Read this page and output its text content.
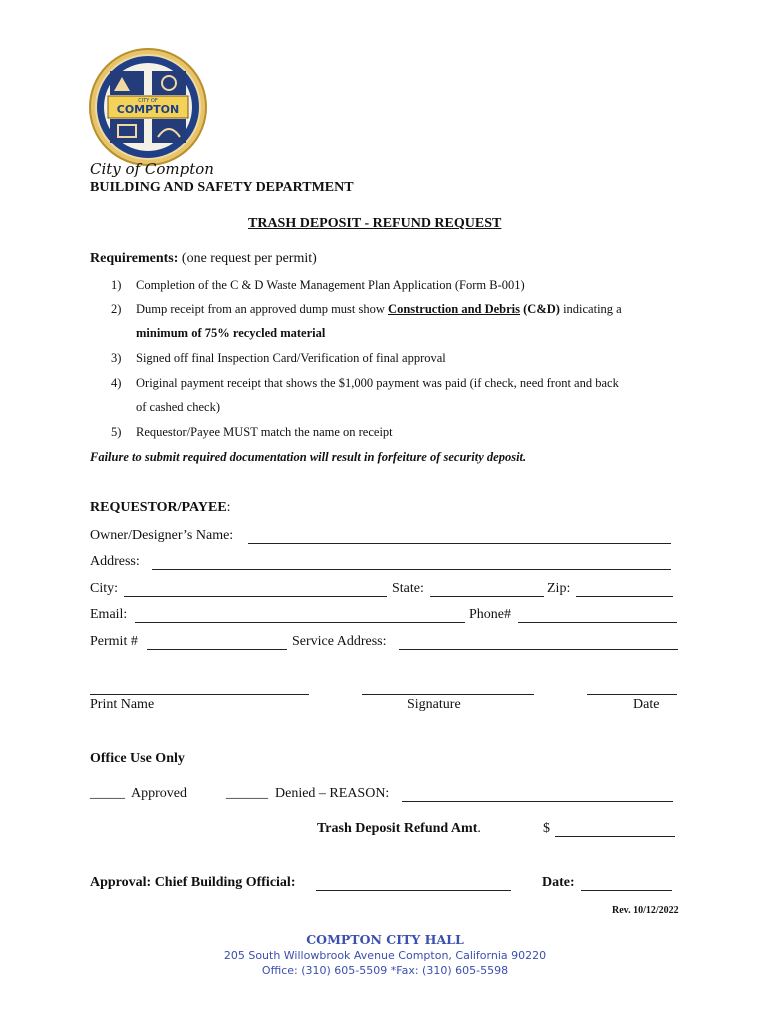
CITY OF
COMPTON
City of Compton
BUILDING AND SAFETY DEPARTMENT
TRASH DEPOSIT - REFUND REQUEST
Requirements: (one request per permit)
1) Completion of the C & D Waste Management Plan Application (Form B-001)
2) Dump receipt from an approved dump must show Construction and Debris (C&D) indicating a
minimum of 75% recycled material
3) Signed off final Inspection Card/Verification of final approval
4) Original payment receipt that shows the $1,000 payment was paid (if check, need front and back
of cashed check)
5) Requestor/Payee MUST match the name on receipt
Failure to submit required documentation will result in forfeiture of security deposit.
REQUESTOR/PAYEE:
Owner/Designer’s Name:
Address:
City:	State:	Zip:
Email:	Phone#
Permit #	Service Address:
Print Name	Signature	Date
Office Use Only
_____ Approved	______ Denied – REASON:
Trash Deposit Refund Amt.	$
Approval: Chief Building Official:	Date:
Rev. 10/12/2022
COMPTON CITY HALL
205 South Willowbrook Avenue Compton, California 90220
Office: (310) 605-5509 *Fax: (310) 605-5598
